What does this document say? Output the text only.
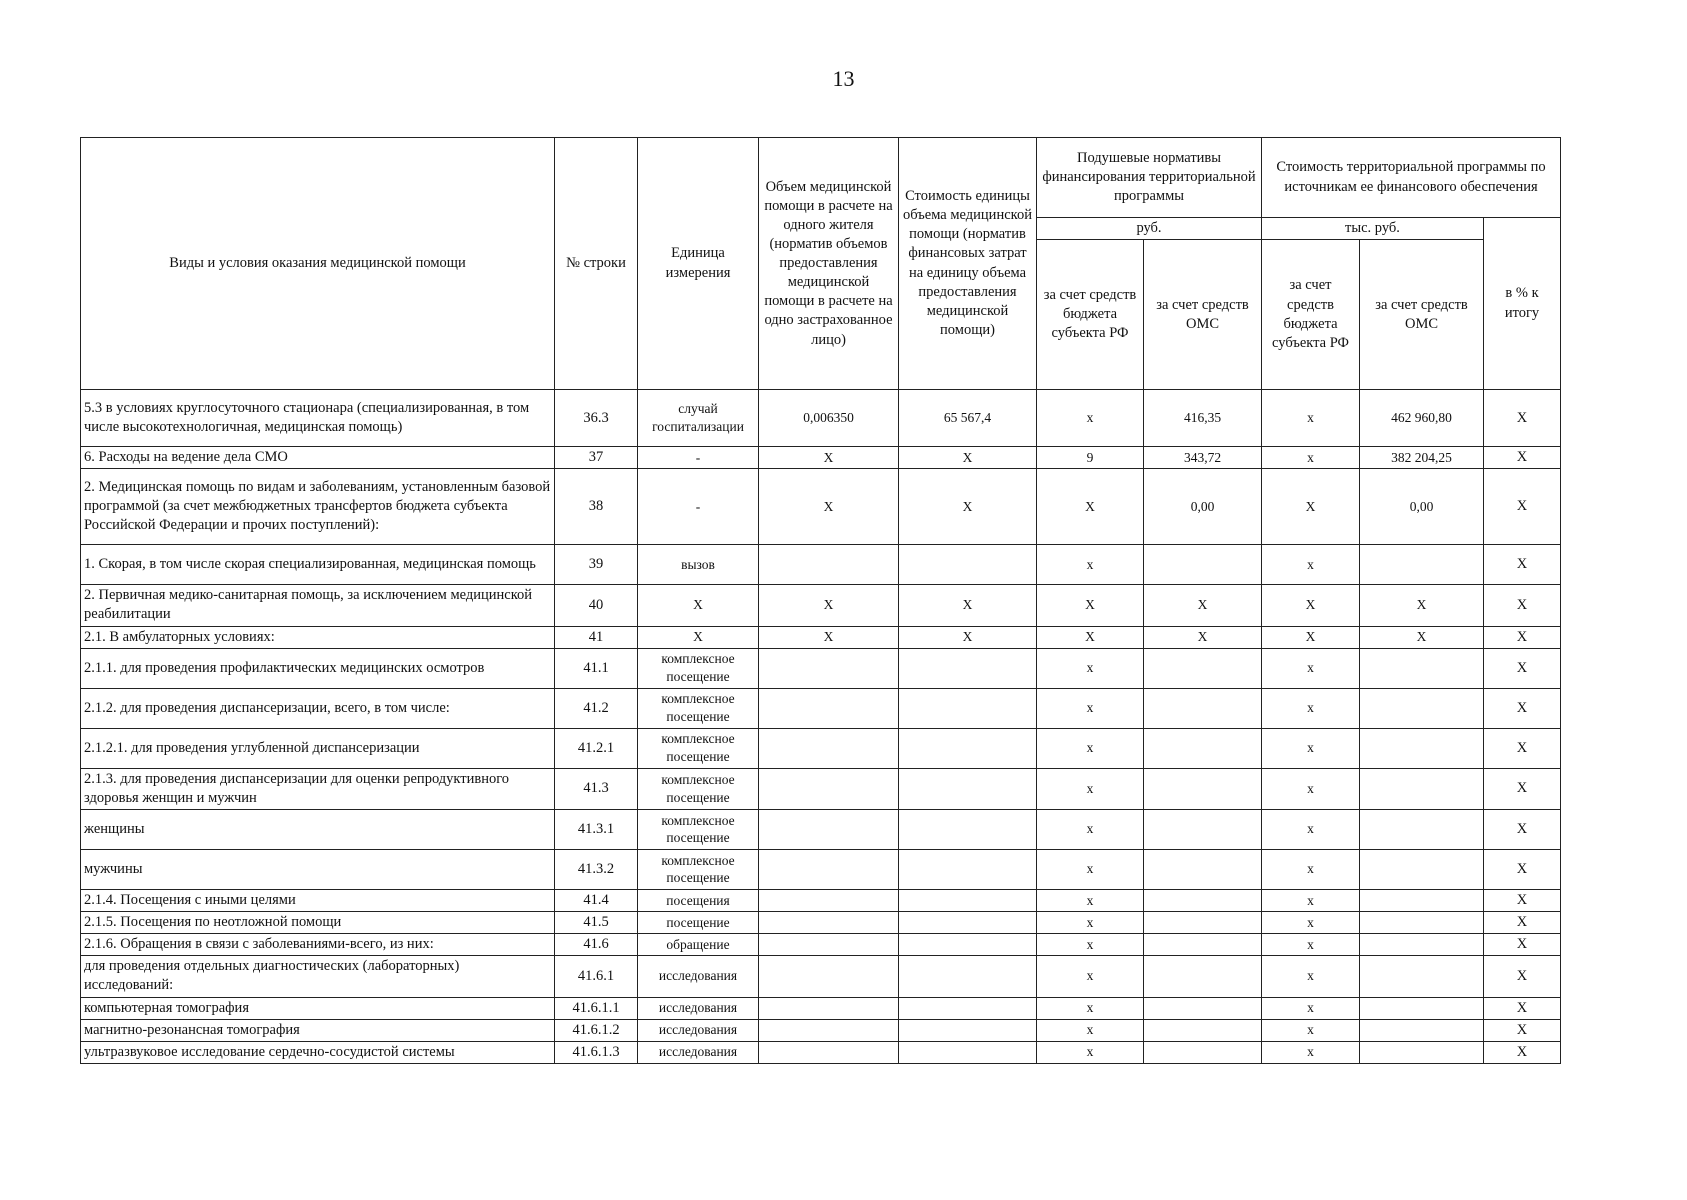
13
Виды и условия оказания медицинской помощи	№ строки	Единица измерения	Объем медицинской помощи в расчете на одного жителя (норматив объемов предоставления медицинской помощи в расчете на одно застрахованное лицо)	Стоимость единицы объема медицинской помощи (норматив финансовых затрат на единицу объема предоставления медицинской помощи)	Подушевые нормативы финансирования территориальной программы		Стоимость территориальной программы по источникам ее финансового обеспечения		
					руб.		тыс. руб.		в % к итогу
					за счет средств бюджета субъекта РФ	за счет средств ОМС	за счет средств бюджета субъекта РФ	за счет средств ОМС	
5.3 в условиях круглосуточного стационара (специализированная, в том числе высокотехнологичная, медицинская помощь)	36.3	случай госпитализации	0,006350	65 567,4	x	416,35	x	462 960,80	X
6. Расходы на ведение дела СМО	37	-	X	X	9	343,72	x	382 204,25	X
2. Медицинская помощь по видам и заболеваниям, установленным базовой программой (за счет межбюджетных трансфертов бюджета субъекта Российской Федерации и прочих поступлений):	38	-	X	X	X	0,00	X	0,00	X
1. Скорая, в том числе скорая специализированная, медицинская помощь	39	вызов			x		x		X
2. Первичная медико-санитарная помощь, за исключением медицинской реабилитации	40	X	X	X	X	X	X	X	X
2.1. В амбулаторных условиях:	41	X	X	X	X	X	X	X	X
2.1.1. для проведения профилактических медицинских осмотров	41.1	комплексное посещение			x		x		X
2.1.2. для проведения диспансеризации, всего, в том числе:	41.2	комплексное посещение			x		x		X
2.1.2.1. для проведения углубленной диспансеризации	41.2.1	комплексное посещение			x		x		X
2.1.3. для проведения диспансеризации для оценки репродуктивного здоровья женщин и мужчин	41.3	комплексное посещение			x		x		X
женщины	41.3.1	комплексное посещение			x		x		X
мужчины	41.3.2	комплексное посещение			x		x		X
2.1.4. Посещения с иными целями	41.4	посещения			x		x		X
2.1.5. Посещения по неотложной помощи	41.5	посещение			x		x		X
2.1.6. Обращения в связи с заболеваниями-всего, из них:	41.6	обращение			x		x		X
для проведения отдельных диагностических (лабораторных) исследований:	41.6.1	исследования			x		x		X
компьютерная томография	41.6.1.1	исследования			x		x		X
магнитно-резонансная томография	41.6.1.2	исследования			x		x		X
ультразвуковое исследование сердечно-сосудистой системы	41.6.1.3	исследования			x		x		X
